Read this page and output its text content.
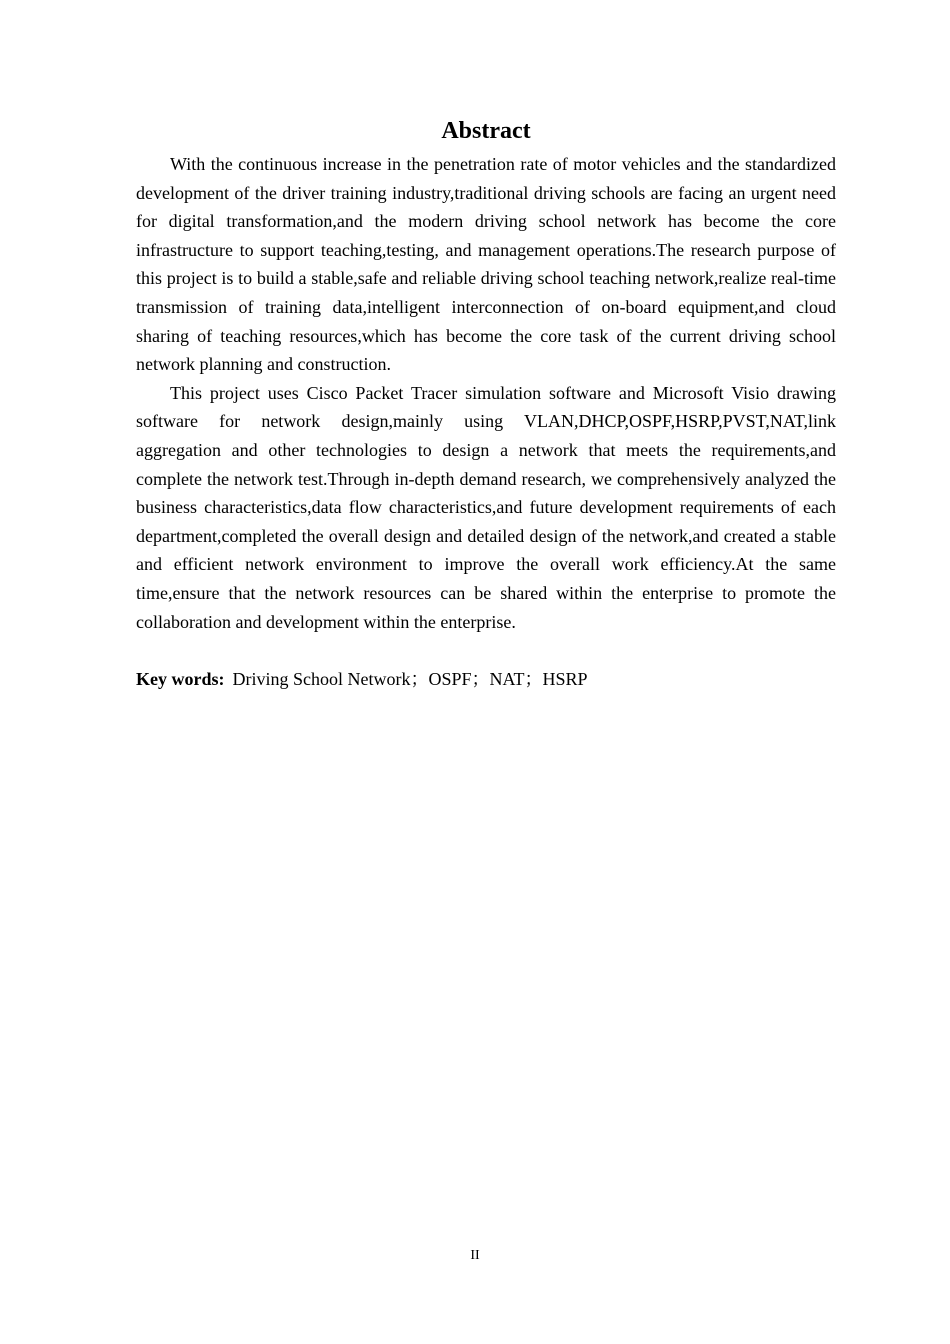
Abstract

With the continuous increase in the penetration rate of motor vehicles and the standardized development of the driver training industry,traditional driving schools are facing an urgent need for digital transformation,and the modern driving school network has become the core infrastructure to support teaching,testing, and management operations.The research purpose of this project is to build a stable,safe and reliable driving school teaching network,realize real-time transmission of training data,intelligent interconnection of on-board equipment,and cloud sharing of teaching resources,which has become the core task of the current driving school network planning and construction.

This project uses Cisco Packet Tracer simulation software and Microsoft Visio drawing software for network design,mainly using VLAN,DHCP,OSPF,HSRP,PVST,NAT,link aggregation and other technologies to design a network that meets the requirements,and complete the network test.Through in-depth demand research, we comprehensively analyzed the business characteristics,data flow characteristics,and future development requirements of each department,completed the overall design and detailed design of the network,and created a stable and efficient network environment to improve the overall work efficiency.At the same time,ensure that the network resources can be shared within the enterprise to promote the collaboration and development within the enterprise.

Key words: Driving School Network；OSPF；NAT；HSRP

II
